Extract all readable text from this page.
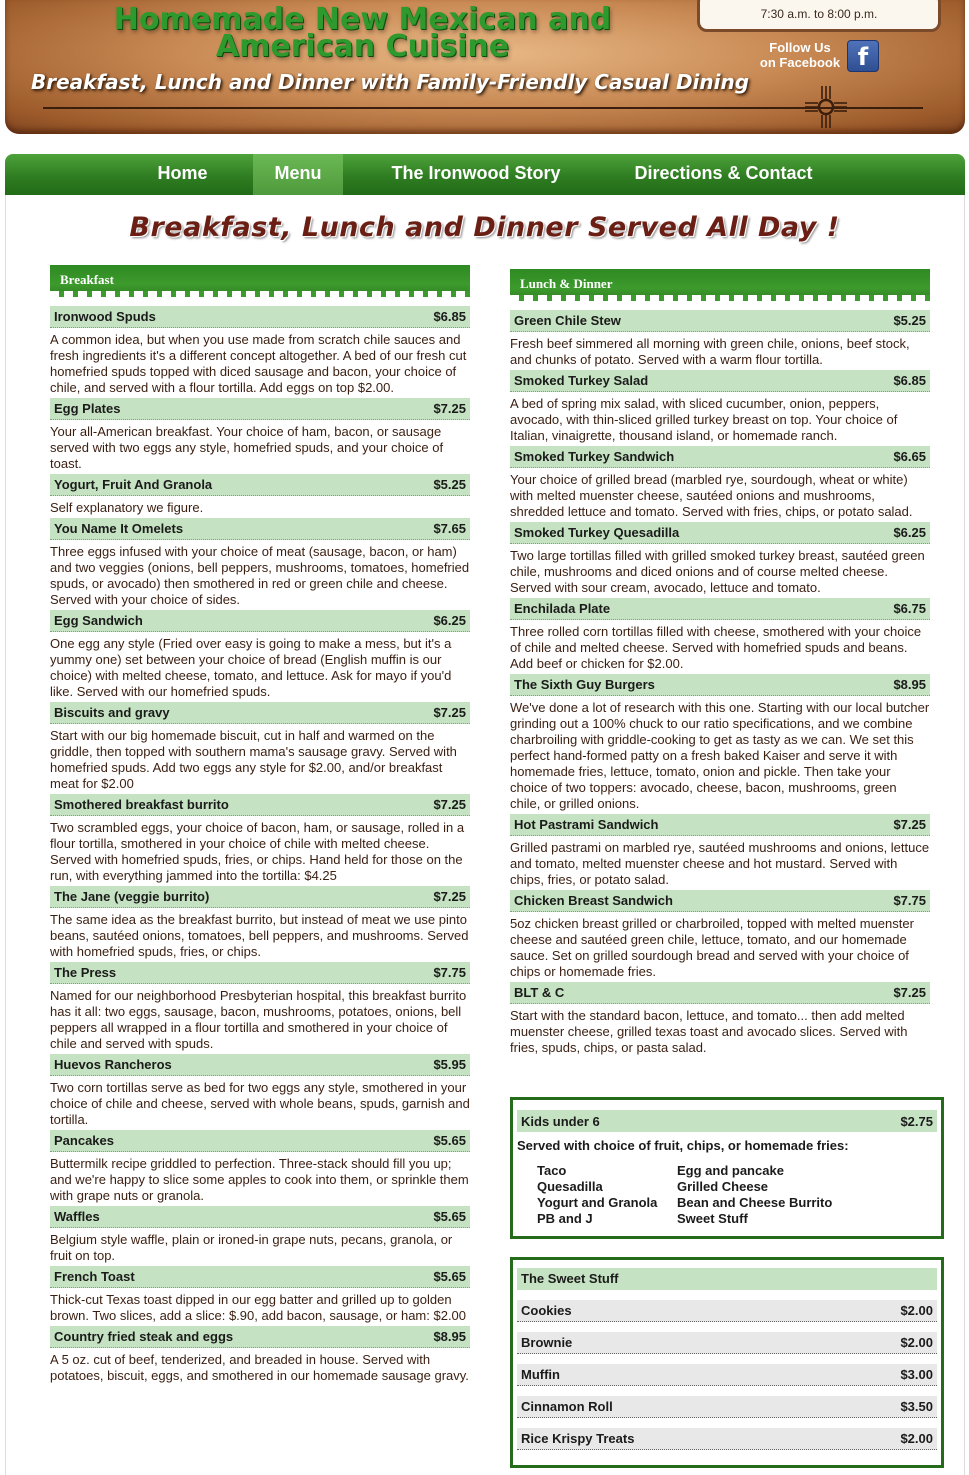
7:30 a.m. to 8:00 p.m.
Homemade New Mexican and
American Cuisine
Breakfast, Lunch and Dinner with Family-Friendly Casual Dining
Follow Us
on Facebook f
Home	Menu	The Ironwood Story	Directions & Contact
Breakfast, Lunch and Dinner Served All Day !
Breakfast
Ironwood Spuds	$6.85
A common idea, but when you use made from scratch chile sauces and fresh ingredients it's a different concept altogether. A bed of our fresh cut homefried spuds topped with diced sausage and bacon, your choice of chile, and served with a flour tortilla. Add eggs on top $2.00.
Egg Plates	$7.25
Your all-American breakfast. Your choice of ham, bacon, or sausage served with two eggs any style, homefried spuds, and your choice of toast.
Yogurt, Fruit And Granola	$5.25
Self explanatory we figure.
You Name It Omelets	$7.65
Three eggs infused with your choice of meat (sausage, bacon, or ham) and two veggies (onions, bell peppers, mushrooms, tomatoes, homefried spuds, or avocado) then smothered in red or green chile and cheese. Served with your choice of sides.
Egg Sandwich	$6.25
One egg any style (Fried over easy is going to make a mess, but it's a yummy one) set between your choice of bread (English muffin is our choice) with melted cheese, tomato, and lettuce. Ask for mayo if you'd like. Served with our homefried spuds.
Biscuits and gravy	$7.25
Start with our big homemade biscuit, cut in half and warmed on the griddle, then topped with southern mama's sausage gravy. Served with homefried spuds. Add two eggs any style for $2.00, and/or breakfast meat for $2.00
Smothered breakfast burrito	$7.25
Two scrambled eggs, your choice of bacon, ham, or sausage, rolled in a flour tortilla, smothered in your choice of chile with melted cheese. Served with homefried spuds, fries, or chips. Hand held for those on the run, with everything jammed into the tortilla: $4.25
The Jane (veggie burrito)	$7.25
The same idea as the breakfast burrito, but instead of meat we use pinto beans, sautéed onions, tomatoes, bell peppers, and mushrooms. Served with homefried spuds, fries, or chips.
The Press	$7.75
Named for our neighborhood Presbyterian hospital, this breakfast burrito has it all: two eggs, sausage, bacon, mushrooms, potatoes, onions, bell peppers all wrapped in a flour tortilla and smothered in your choice of chile and served with spuds.
Huevos Rancheros	$5.95
Two corn tortillas serve as bed for two eggs any style, smothered in your choice of chile and cheese, served with whole beans, spuds, garnish and tortilla.
Pancakes	$5.65
Buttermilk recipe griddled to perfection. Three-stack should fill you up; and we're happy to slice some apples to cook into them, or sprinkle them with grape nuts or granola.
Waffles	$5.65
Belgium style waffle, plain or ironed-in grape nuts, pecans, granola, or fruit on top.
French Toast	$5.65
Thick-cut Texas toast dipped in our egg batter and grilled up to golden brown. Two slices, add a slice: $.90, add bacon, sausage, or ham: $2.00
Country fried steak and eggs	$8.95
A 5 oz. cut of beef, tenderized, and breaded in house. Served with potatoes, biscuit, eggs, and smothered in our homemade sausage gravy.
Lunch & Dinner
Green Chile Stew	$5.25
Fresh beef simmered all morning with green chile, onions, beef stock, and chunks of potato. Served with a warm flour tortilla.
Smoked Turkey Salad	$6.85
A bed of spring mix salad, with sliced cucumber, onion, peppers, avocado, with thin-sliced grilled turkey breast on top. Your choice of Italian, vinaigrette, thousand island, or homemade ranch.
Smoked Turkey Sandwich	$6.65
Your choice of grilled bread (marbled rye, sourdough, wheat or white) with melted muenster cheese, sautéed onions and mushrooms, shredded lettuce and tomato. Served with fries, chips, or potato salad.
Smoked Turkey Quesadilla	$6.25
Two large tortillas filled with grilled smoked turkey breast, sautéed green chile, mushrooms and diced onions and of course melted cheese. Served with sour cream, avocado, lettuce and tomato.
Enchilada Plate	$6.75
Three rolled corn tortillas filled with cheese, smothered with your choice of chile and melted cheese. Served with homefried spuds and beans. Add beef or chicken for $2.00.
The Sixth Guy Burgers	$8.95
We've done a lot of research with this one. Starting with our local butcher grinding out a 100% chuck to our ratio specifications, and we combine charbroiling with griddle-cooking to get as tasty as we can. We set this perfect hand-formed patty on a fresh baked Kaiser and serve it with homemade fries, lettuce, tomato, onion and pickle. Then take your choice of two toppers: avocado, cheese, bacon, mushrooms, green chile, or grilled onions.
Hot Pastrami Sandwich	$7.25
Grilled pastrami on marbled rye, sautéed mushrooms and onions, lettuce and tomato, melted muenster cheese and hot mustard. Served with chips, fries, or potato salad.
Chicken Breast Sandwich	$7.75
5oz chicken breast grilled or charbroiled, topped with melted muenster cheese and sautéed green chile, lettuce, tomato, and our homemade sauce. Set on grilled sourdough bread and served with your choice of chips or homemade fries.
BLT & C	$7.25
Start with the standard bacon, lettuce, and tomato... then add melted muenster cheese, grilled texas toast and avocado slices. Served with fries, spuds, chips, or pasta salad.
Kids under 6	$2.75
Served with choice of fruit, chips, or homemade fries:
Taco	Egg and pancake
Quesadilla	Grilled Cheese
Yogurt and Granola	Bean and Cheese Burrito
PB and J	Sweet Stuff
The Sweet Stuff
Cookies	$2.00
Brownie	$2.00
Muffin	$3.00
Cinnamon Roll	$3.50
Rice Krispy Treats	$2.00
